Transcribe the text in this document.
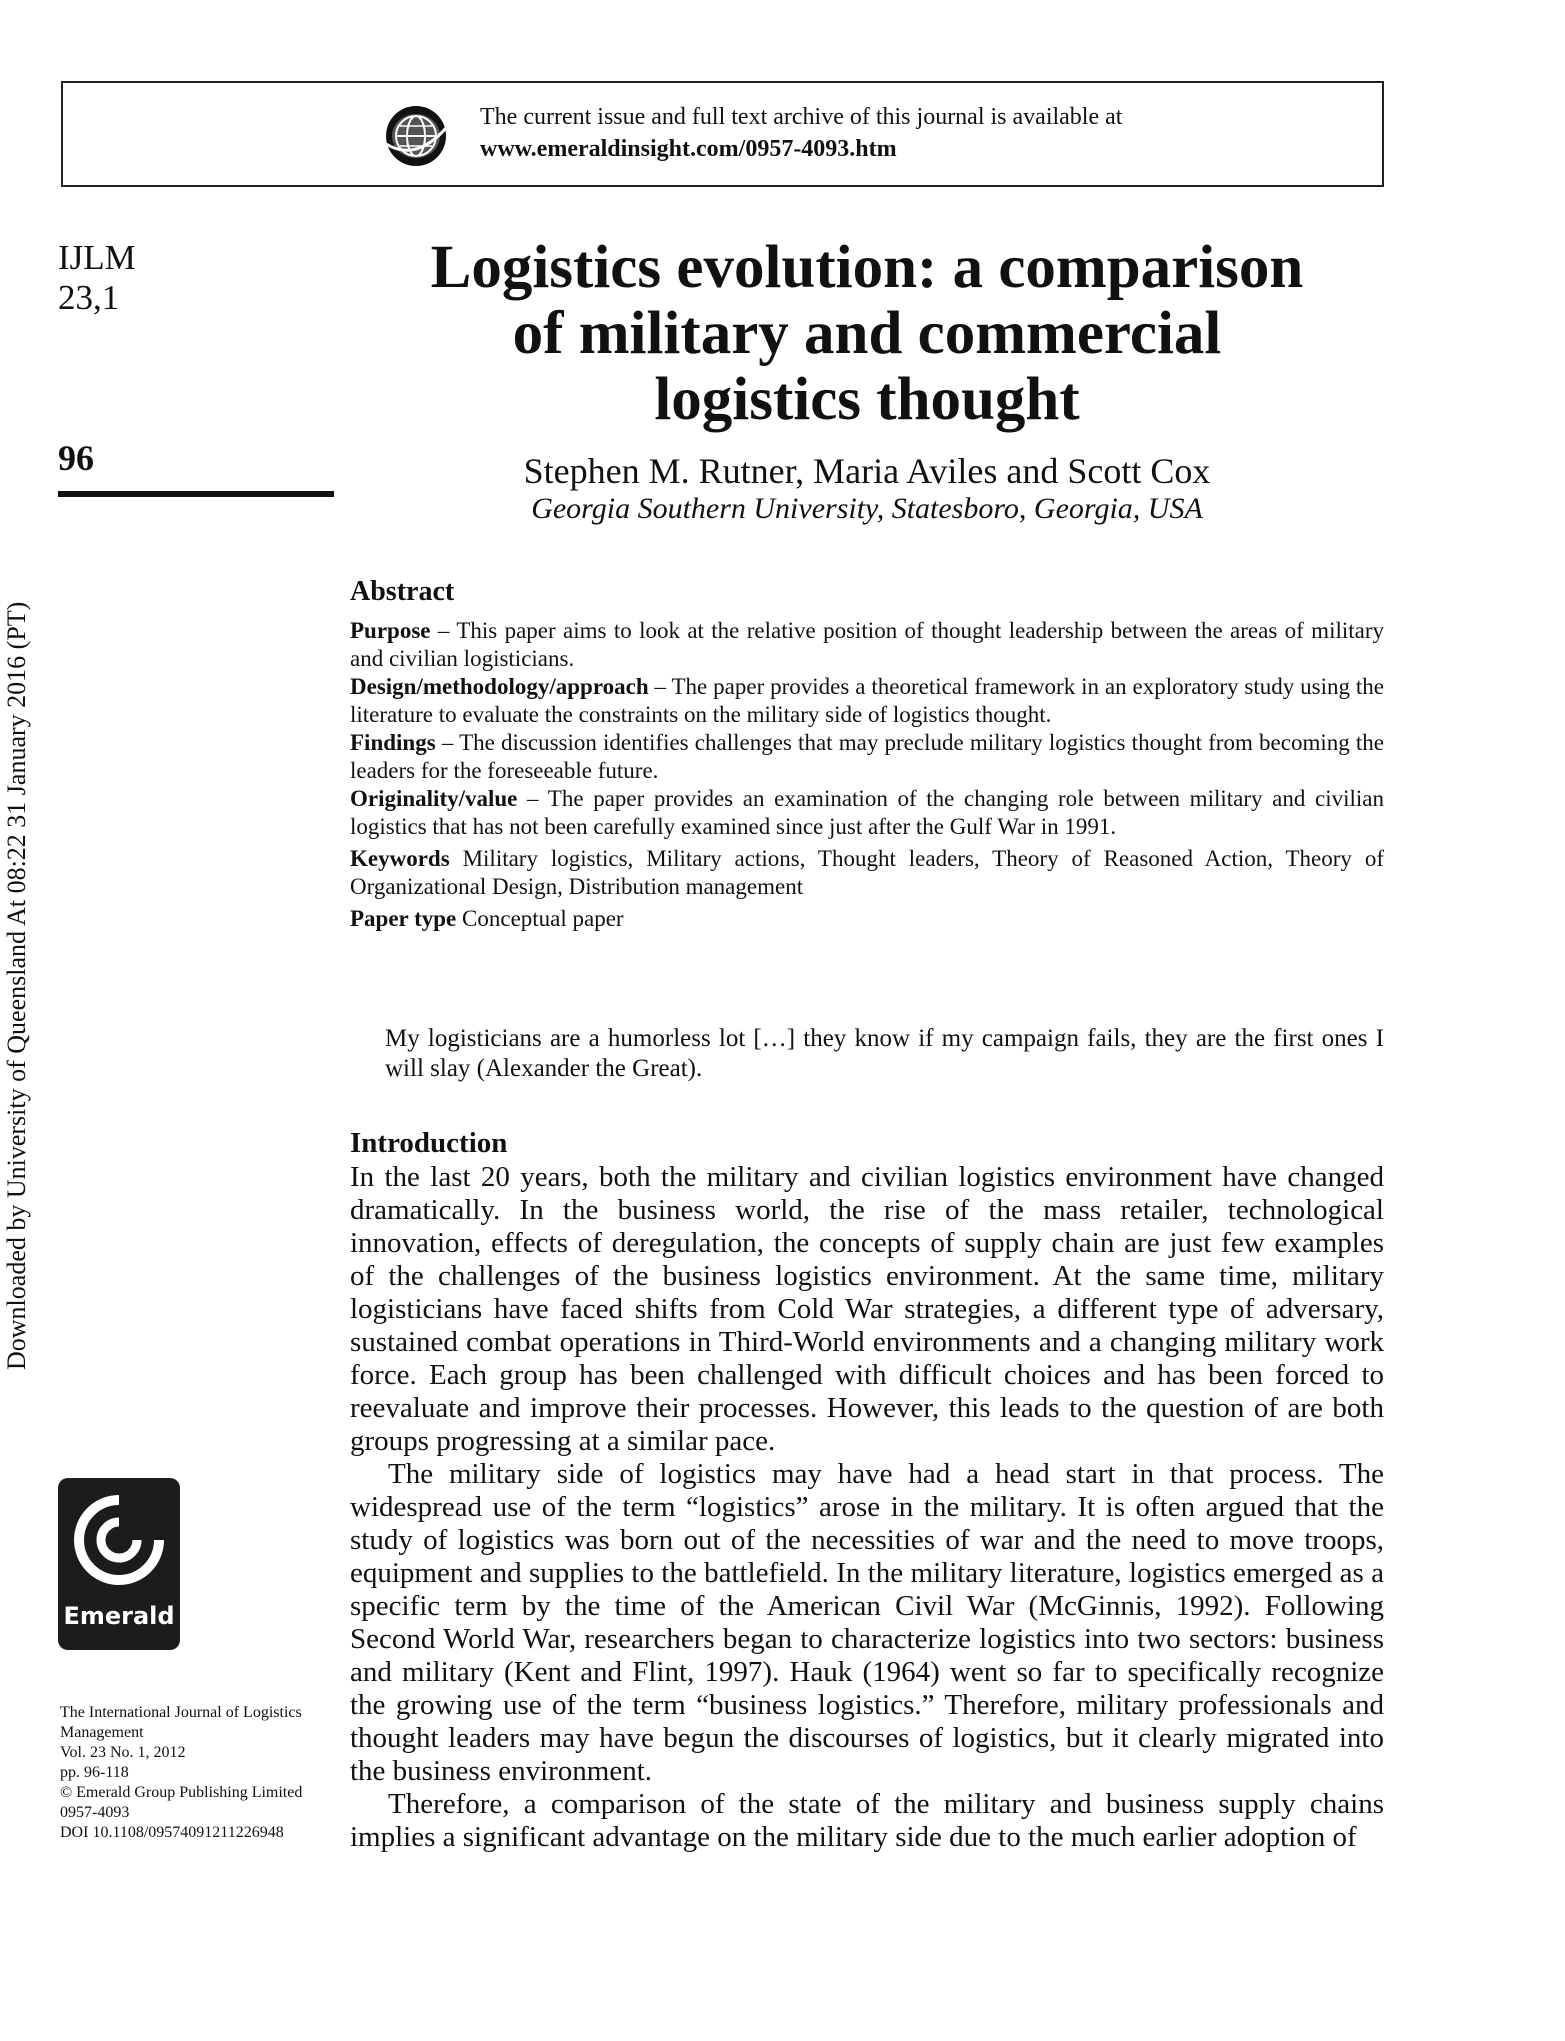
The current issue and full text archive of this journal is available at
www.emeraldinsight.com/0957-4093.htm
IJLM
23,1
96
Downloaded by University of Queensland At 08:22 31 January 2016 (PT)
Emerald
The International Journal of Logistics
Management
Vol. 23 No. 1, 2012
pp. 96-118
© Emerald Group Publishing Limited
0957-4093
DOI 10.1108/09574091211226948
Logistics evolution: a comparison
of military and commercial
logistics thought
Stephen M. Rutner, Maria Aviles and Scott Cox
Georgia Southern University, Statesboro, Georgia, USA
Abstract

Purpose – This paper aims to look at the relative position of thought leadership between the areas of military and civilian logisticians.

Design/methodology/approach – The paper provides a theoretical framework in an exploratory study using the literature to evaluate the constraints on the military side of logistics thought.

Findings – The discussion identifies challenges that may preclude military logistics thought from becoming the leaders for the foreseeable future.

Originality/value – The paper provides an examination of the changing role between military and civilian logistics that has not been carefully examined since just after the Gulf War in 1991.

Keywords Military logistics, Military actions, Thought leaders, Theory of Reasoned Action, Theory of Organizational Design, Distribution management

Paper type Conceptual paper

My logisticians are a humorless lot […] they know if my campaign fails, they are the first ones I will slay (Alexander the Great).
Introduction

In the last 20 years, both the military and civilian logistics environment have changed dramatically. In the business world, the rise of the mass retailer, technological innovation, effects of deregulation, the concepts of supply chain are just few examples of the challenges of the business logistics environment. At the same time, military logisticians have faced shifts from Cold War strategies, a different type of adversary, sustained combat operations in Third-World environments and a changing military work force. Each group has been challenged with difficult choices and has been forced to reevaluate and improve their processes. However, this leads to the question of are both groups progressing at a similar pace.

The military side of logistics may have had a head start in that process. The widespread use of the term “logistics” arose in the military. It is often argued that the study of logistics was born out of the necessities of war and the need to move troops, equipment and supplies to the battlefield. In the military literature, logistics emerged as a specific term by the time of the American Civil War (McGinnis, 1992). Following Second World War, researchers began to characterize logistics into two sectors: business and military (Kent and Flint, 1997). Hauk (1964) went so far to specifically recognize the growing use of the term “business logistics.” Therefore, military professionals and thought leaders may have begun the discourses of logistics, but it clearly migrated into the business environment.

Therefore, a comparison of the state of the military and business supply chains implies a significant advantage on the military side due to the much earlier adoption of
